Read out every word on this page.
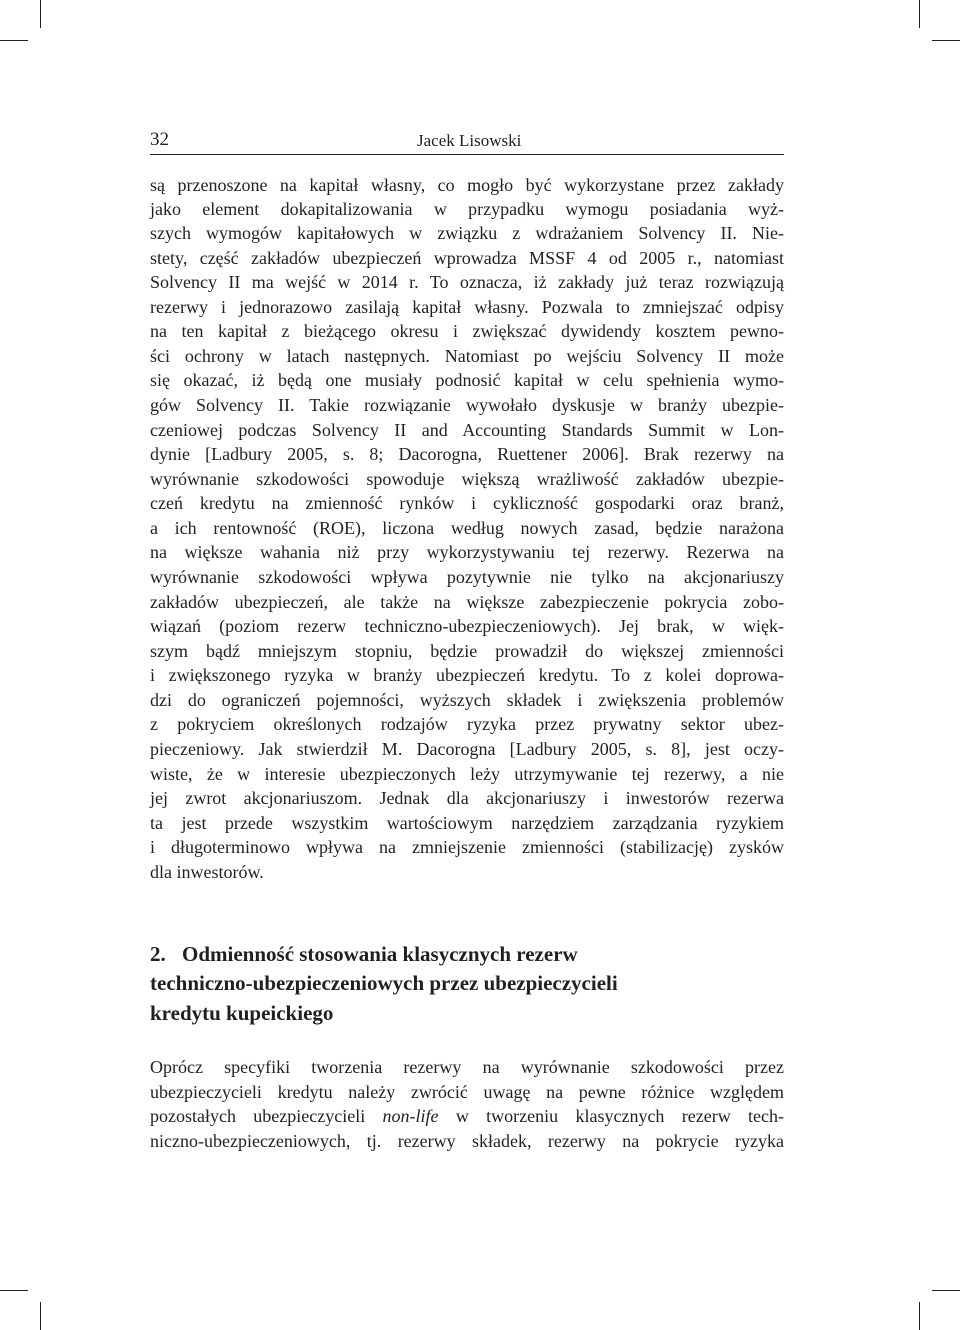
32	Jacek Lisowski
są przenoszone na kapitał własny, co mogło być wykorzystane przez zakłady
jako element dokapitalizowania w przypadku wymogu posiadania wyż-
szych wymogów kapitałowych w związku z wdrażaniem Solvency II. Nie-
stety, część zakładów ubezpieczeń wprowadza MSSF 4 od 2005 r., natomiast
Solvency II ma wejść w 2014 r. To oznacza, iż zakłady już teraz rozwiązują
rezerwy i jednorazowo zasilają kapitał własny. Pozwala to zmniejszać odpisy
na ten kapitał z bieżącego okresu i zwiększać dywidendy kosztem pewno-
ści ochrony w latach następnych. Natomiast po wejściu Solvency II może
się okazać, iż będą one musiały podnosić kapitał w celu spełnienia wymo-
gów Solvency II. Takie rozwiązanie wywołało dyskusje w branży ubezpie-
czeniowej podczas Solvency II and Accounting Standards Summit w Lon-
dynie [Ladbury 2005, s. 8; Dacorogna, Ruettener 2006]. Brak rezerwy na
wyrównanie szkodowości spowoduje większą wrażliwość zakładów ubezpie-
czeń kredytu na zmienność rynków i cykliczność gospodarki oraz branż,
a ich rentowność (ROE), liczona według nowych zasad, będzie narażona
na większe wahania niż przy wykorzystywaniu tej rezerwy. Rezerwa na
wyrównanie szkodowości wpływa pozytywnie nie tylko na akcjonariuszy
zakładów ubezpieczeń, ale także na większe zabezpieczenie pokrycia zobo-
wiązań (poziom rezerw techniczno-ubezpieczeniowych). Jej brak, w więk-
szym bądź mniejszym stopniu, będzie prowadził do większej zmienności
i zwiększonego ryzyka w branży ubezpieczeń kredytu. To z kolei doprowa-
dzi do ograniczeń pojemności, wyższych składek i zwiększenia problemów
z pokryciem określonych rodzajów ryzyka przez prywatny sektor ubez-
pieczeniowy. Jak stwierdził M. Dacorogna [Ladbury 2005, s. 8], jest oczy-
wiste, że w interesie ubezpieczonych leży utrzymywanie tej rezerwy, a nie
jej zwrot akcjonariuszom. Jednak dla akcjonariuszy i inwestorów rezerwa
ta jest przede wszystkim wartościowym narzędziem zarządzania ryzykiem
i długoterminowo wpływa na zmniejszenie zmienności (stabilizację) zysków
dla inwestorów.
2. Odmienność stosowania klasycznych rezerw
techniczno-ubezpieczeniowych przez ubezpieczycieli
kredytu kupeickiego
Oprócz specyfiki tworzenia rezerwy na wyrównanie szkodowości przez
ubezpieczycieli kredytu należy zwrócić uwagę na pewne różnice względem
pozostałych ubezpieczycieli non-life w tworzeniu klasycznych rezerw tech-
niczno-ubezpieczeniowych, tj. rezerwy składek, rezerwy na pokrycie ryzyka
